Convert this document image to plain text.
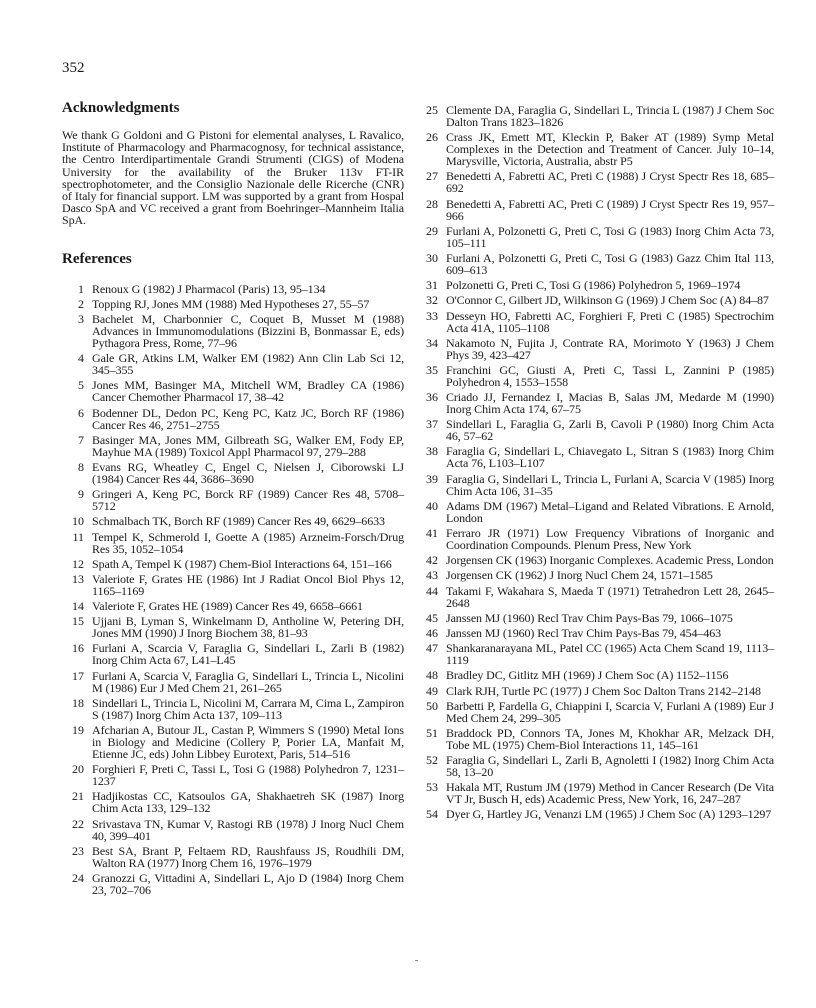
352
Acknowledgments

We thank G Goldoni and G Pistoni for elemental analyses, L Ravalico, Institute of Pharmacology and Pharmacognosy, for technical assistance, the Centro Interdipartimentale Grandi Strumenti (CIGS) of Modena University for the availability of the Bruker 113v FT-IR spectrophotometer, and the Consiglio Nazionale delle Ricerche (CNR) of Italy for financial support. LM was supported by a grant from Hospal Dasco SpA and VC received a grant from Boehringer–Mannheim Italia SpA.

References
1 Renoux G (1982) J Pharmacol (Paris) 13, 95–134
2 Topping RJ, Jones MM (1988) Med Hypotheses 27, 55–57
3 Bachelet M, Charbonnier C, Coquet B, Musset M (1988) Advances in Immunomodulations (Bizzini B, Bonmassar E, eds) Pythagora Press, Rome, 77–96
4 Gale GR, Atkins LM, Walker EM (1982) Ann Clin Lab Sci 12, 345–355
5 Jones MM, Basinger MA, Mitchell WM, Bradley CA (1986) Cancer Chemother Pharmacol 17, 38–42
6 Bodenner DL, Dedon PC, Keng PC, Katz JC, Borch RF (1986) Cancer Res 46, 2751–2755
7 Basinger MA, Jones MM, Gilbreath SG, Walker EM, Fody EP, Mayhue MA (1989) Toxicol Appl Pharmacol 97, 279–288
8 Evans RG, Wheatley C, Engel C, Nielsen J, Ciborowski LJ (1984) Cancer Res 44, 3686–3690
9 Gringeri A, Keng PC, Borck RF (1989) Cancer Res 48, 5708–5712
10 Schmalbach TK, Borch RF (1989) Cancer Res 49, 6629–6633
11 Tempel K, Schmerold I, Goette A (1985) Arzneim-Forsch/Drug Res 35, 1052–1054
12 Spath A, Tempel K (1987) Chem-Biol Interactions 64, 151–166
13 Valeriote F, Grates HE (1986) Int J Radiat Oncol Biol Phys 12, 1165–1169
14 Valeriote F, Grates HE (1989) Cancer Res 49, 6658–6661
15 Ujjani B, Lyman S, Winkelmann D, Antholine W, Petering DH, Jones MM (1990) J Inorg Biochem 38, 81–93
16 Furlani A, Scarcia V, Faraglia G, Sindellari L, Zarli B (1982) Inorg Chim Acta 67, L41–L45
17 Furlani A, Scarcia V, Faraglia G, Sindellari L, Trincia L, Nicolini M (1986) Eur J Med Chem 21, 261–265
18 Sindellari L, Trincia L, Nicolini M, Carrara M, Cima L, Zampiron S (1987) Inorg Chim Acta 137, 109–113
19 Afcharian A, Butour JL, Castan P, Wimmers S (1990) Metal Ions in Biology and Medicine (Collery P, Porier LA, Manfait M, Etienne JC, eds) John Libbey Eurotext, Paris, 514–516
20 Forghieri F, Preti C, Tassi L, Tosi G (1988) Polyhedron 7, 1231–1237
21 Hadjikostas CC, Katsoulos GA, Shakhaetreh SK (1987) Inorg Chim Acta 133, 129–132
22 Srivastava TN, Kumar V, Rastogi RB (1978) J Inorg Nucl Chem 40, 399–401
23 Best SA, Brant P, Feltaem RD, Raushfauss JS, Roudhili DM, Walton RA (1977) Inorg Chem 16, 1976–1979
24 Granozzi G, Vittadini A, Sindellari L, Ajo D (1984) Inorg Chem 23, 702–706
25 Clemente DA, Faraglia G, Sindellari L, Trincia L (1987) J Chem Soc Dalton Trans 1823–1826
26 Crass JK, Emett MT, Kleckin P, Baker AT (1989) Symp Metal Complexes in the Detection and Treatment of Cancer. July 10–14, Marysville, Victoria, Australia, abstr P5
27 Benedetti A, Fabretti AC, Preti C (1988) J Cryst Spectr Res 18, 685–692
28 Benedetti A, Fabretti AC, Preti C (1989) J Cryst Spectr Res 19, 957–966
29 Furlani A, Polzonetti G, Preti C, Tosi G (1983) Inorg Chim Acta 73, 105–111
30 Furlani A, Polzonetti G, Preti C, Tosi G (1983) Gazz Chim Ital 113, 609–613
31 Polzonetti G, Preti C, Tosi G (1986) Polyhedron 5, 1969–1974
32 O'Connor C, Gilbert JD, Wilkinson G (1969) J Chem Soc (A) 84–87
33 Desseyn HO, Fabretti AC, Forghieri F, Preti C (1985) Spectrochim Acta 41A, 1105–1108
34 Nakamoto N, Fujita J, Contrate RA, Morimoto Y (1963) J Chem Phys 39, 423–427
35 Franchini GC, Giusti A, Preti C, Tassi L, Zannini P (1985) Polyhedron 4, 1553–1558
36 Criado JJ, Fernandez I, Macias B, Salas JM, Medarde M (1990) Inorg Chim Acta 174, 67–75
37 Sindellari L, Faraglia G, Zarli B, Cavoli P (1980) Inorg Chim Acta 46, 57–62
38 Faraglia G, Sindellari L, Chiavegato L, Sitran S (1983) Inorg Chim Acta 76, L103–L107
39 Faraglia G, Sindellari L, Trincia L, Furlani A, Scarcia V (1985) Inorg Chim Acta 106, 31–35
40 Adams DM (1967) Metal–Ligand and Related Vibrations. E Arnold, London
41 Ferraro JR (1971) Low Frequency Vibrations of Inorganic and Coordination Compounds. Plenum Press, New York
42 Jorgensen CK (1963) Inorganic Complexes. Academic Press, London
43 Jorgensen CK (1962) J Inorg Nucl Chem 24, 1571–1585
44 Takami F, Wakahara S, Maeda T (1971) Tetrahedron Lett 28, 2645–2648
45 Janssen MJ (1960) Recl Trav Chim Pays-Bas 79, 1066–1075
46 Janssen MJ (1960) Recl Trav Chim Pays-Bas 79, 454–463
47 Shankaranarayana ML, Patel CC (1965) Acta Chem Scand 19, 1113–1119
48 Bradley DC, Gitlitz MH (1969) J Chem Soc (A) 1152–1156
49 Clark RJH, Turtle PC (1977) J Chem Soc Dalton Trans 2142–2148
50 Barbetti P, Fardella G, Chiappini I, Scarcia V, Furlani A (1989) Eur J Med Chem 24, 299–305
51 Braddock PD, Connors TA, Jones M, Khokhar AR, Melzack DH, Tobe ML (1975) Chem-Biol Interactions 11, 145–161
52 Faraglia G, Sindellari L, Zarli B, Agnoletti I (1982) Inorg Chim Acta 58, 13–20
53 Hakala MT, Rustum JM (1979) Method in Cancer Research (De Vita VT Jr, Busch H, eds) Academic Press, New York, 16, 247–287
54 Dyer G, Hartley JG, Venanzi LM (1965) J Chem Soc (A) 1293–1297
